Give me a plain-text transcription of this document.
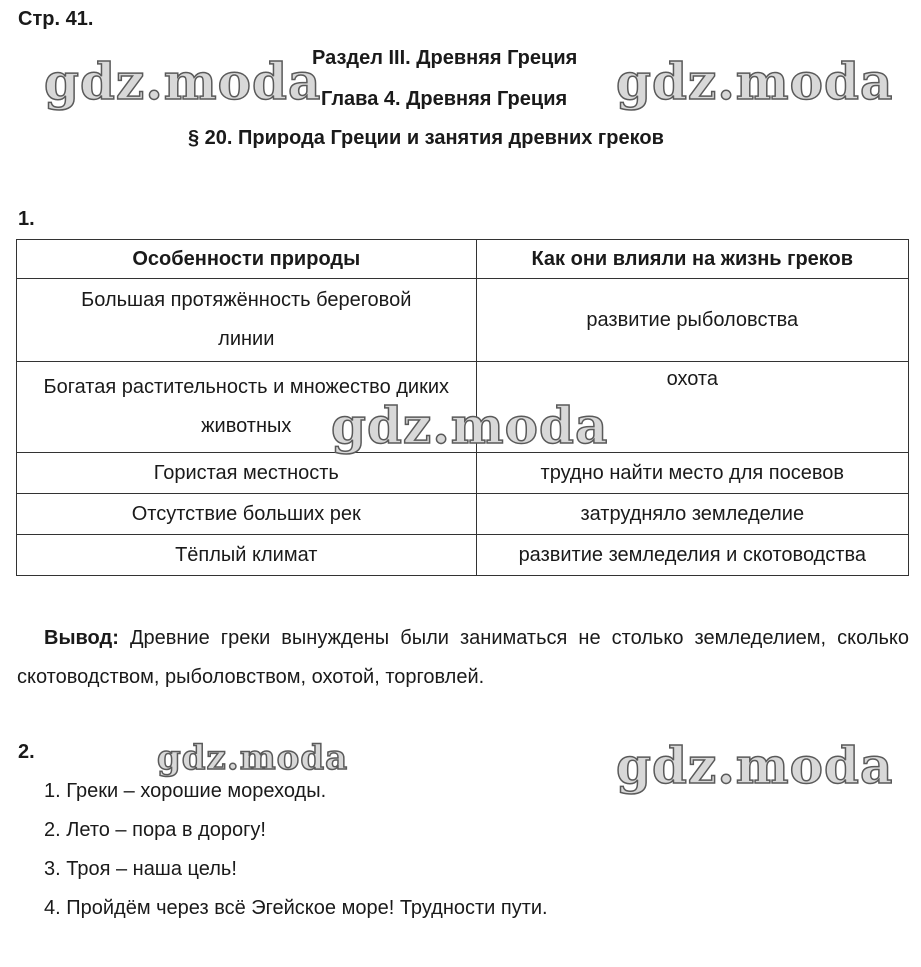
Стр. 41.
Раздел III. Древняя Греция
Глава 4. Древняя Греция
§ 20. Природа Греции и занятия древних греков
1.
Особенности природы	Как они влияли на жизнь греков
Большая протяжённость береговой линии	развитие рыболовства
Богатая растительность и множество диких животных	охота
Гористая местность	трудно найти место для посевов
Отсутствие больших рек	затрудняло земледелие
Тёплый климат	развитие земледелия и скотоводства
Вывод: Древние греки вынуждены были заниматься не столько земледелием, сколько скотоводством, рыболовством, охотой, торговлей.
2.
1. Греки – хорошие мореходы.
2. Лето – пора в дорогу!
3. Троя – наша цель!
4. Пройдём через всё Эгейское море! Трудности пути.
gdz.moda	gdz.moda
gdz.moda
gdz.moda	gdz.moda
